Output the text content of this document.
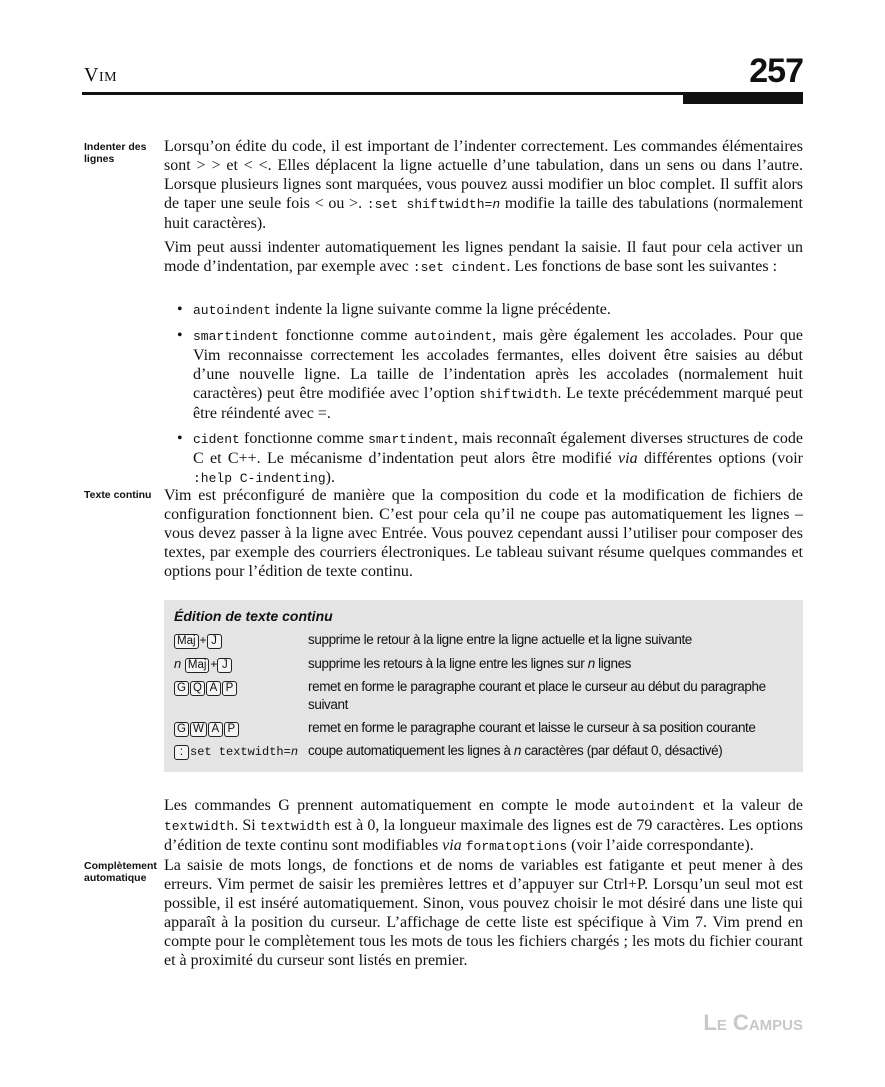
Vim	257
Indenter des lignes
Texte continu
Complètement automatique

Lorsqu’on édite du code, il est important de l’indenter correctement. Les commandes élémentaires sont > > et < <. Elles déplacent la ligne actuelle d’une tabulation, dans un sens ou dans l’autre. Lorsque plusieurs lignes sont marquées, vous pouvez aussi modifier un bloc complet. Il suffit alors de taper une seule fois < ou >. :set shiftwidth=n modifie la taille des tabulations (normalement huit caractères).

Vim peut aussi indenter automatiquement les lignes pendant la saisie. Il faut pour cela activer un mode d’indentation, par exemple avec :set cindent. Les fonctions de base sont les suivantes :

• autoindent indente la ligne suivante comme la ligne précédente.
• smartindent fonctionne comme autoindent, mais gère également les accolades. Pour que Vim reconnaisse correctement les accolades fermantes, elles doivent être saisies au début d’une nouvelle ligne. La taille de l’indentation après les accolades (normalement huit caractères) peut être modifiée avec l’option shiftwidth. Le texte précédemment marqué peut être réindenté avec =.
• cident fonctionne comme smartindent, mais reconnaît également diverses structures de code C et C++. Le mécanisme d’indentation peut alors être modifié via différentes options (voir :help C-indenting).

Vim est préconfiguré de manière que la composition du code et la modification de fichiers de configuration fonctionnent bien. C’est pour cela qu’il ne coupe pas automatiquement les lignes – vous devez passer à la ligne avec Entrée. Vous pouvez cependant aussi l’utiliser pour composer des textes, par exemple des courriers électroniques. Le tableau suivant résume quelques commandes et options pour l’édition de texte continu.

Édition de texte continu
Maj + J	supprime le retour à la ligne entre la ligne actuelle et la ligne suivante
n Maj + J	supprime les retours à la ligne entre les lignes sur n lignes
G Q A P	remet en forme le paragraphe courant et place le curseur au début du paragraphe suivant
G W A P	remet en forme le paragraphe courant et laisse le curseur à sa position courante
: set textwidth=n coupe automatiquement les lignes à n caractères (par défaut 0, désactivé)

Les commandes G prennent automatiquement en compte le mode autoindent et la valeur de textwidth. Si textwidth est à 0, la longueur maximale des lignes est de 79 caractères. Les options d’édition de texte continu sont modifiables via formatoptions (voir l’aide correspondante).

La saisie de mots longs, de fonctions et de noms de variables est fatigante et peut mener à des erreurs. Vim permet de saisir les premières lettres et d’appuyer sur Ctrl+P. Lorsqu’un seul mot est possible, il est inséré automatiquement. Sinon, vous pouvez choisir le mot désiré dans une liste qui apparaît à la position du curseur. L’affichage de cette liste est spécifique à Vim 7. Vim prend en compte pour le complètement tous les mots de tous les fichiers chargés ; les mots du fichier courant et à proximité du curseur sont listés en premier.

Le Campus
